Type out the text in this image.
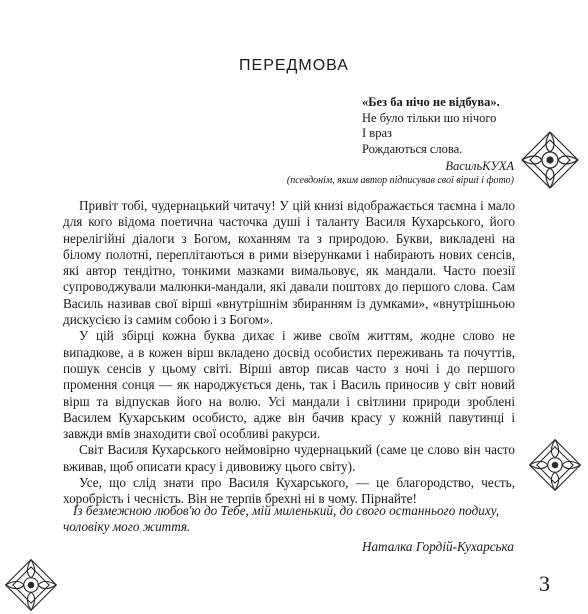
ПЕРЕДМОВА
«Без ба нічо не відбува».
Не було тільки шо нічого
І враз
Рождаються слова.
ВасильКУХА
(псевдонім, яким автор підписував свої вірші і фото)

Привіт тобі, чудернацький читачу! У цій книзі відображається таємна і мало для кого відома поетична часточка душі і таланту Василя Кухарського, його нерелігійні діалоги з Богом, коханням та з природою. Букви, викладені на білому полотні, переплітаються в рими візерунками і набирають нових сенсів, які автор тендітно, тонкими мазками вимальовує, як мандали. Часто поезії супроводжували малюнки-мандали, які давали поштовх до першого слова. Сам Василь називав свої вірші «внутрішнім збиранням із думками», «внутрішньою дискусією із самим собою і з Богом».

У цій збірці кожна буква дихає і живе своїм життям, жодне слово не випадкове, а в кожен вірш вкладено досвід особистих переживань та почуттів, пошук сенсів у цьому світі. Вірші автор писав часто з ночі і до першого промення сонця — як народжується день, так і Василь приносив у світ новий вірш та відпускав його на волю. Усі мандали і світлини природи зроблені Василем Кухарським особисто, адже він бачив красу у кожній павутинці і завжди вмів знаходити свої особливі ракурси.

Світ Василя Кухарського неймовірно чудернацький (саме це слово він часто вживав, щоб описати красу і дивовижу цього світу).

Усе, що слід знати про Василя Кухарського, — це благородство, честь, хоробрість і чесність. Він не терпів брехні ні в чому. Пірнайте!

Із безмежною любов'ю до Тебе, мій миленький, до свого останнього подиху, чоловіку мого життя.

Наталка Гордій-Кухарська
3
